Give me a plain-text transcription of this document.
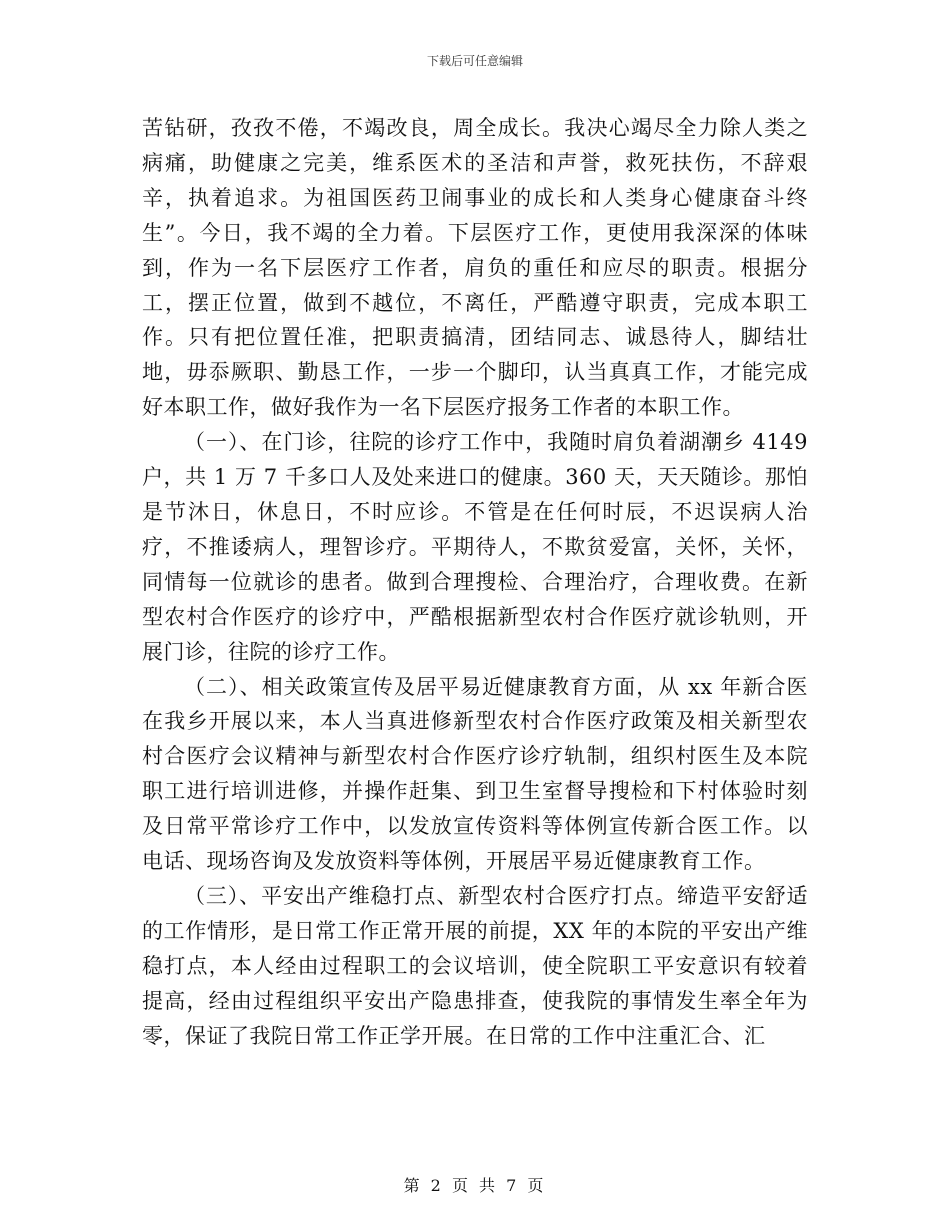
下载后可任意编辑

苦钻研，孜孜不倦，不竭改良，周全成长。我决心竭尽全力除人类之病痛，助健康之完美，维系医术的圣洁和声誉，救死扶伤，不辞艰辛，执着追求。为祖国医药卫闹事业的成长和人类身心健康奋斗终生”。今日，我不竭的全力着。下层医疗工作，更使用我深深的体味到，作为一名下层医疗工作者，肩负的重任和应尽的职责。根据分工，摆正位置，做到不越位，不离任，严酷遵守职责，完成本职工作。只有把位置任准，把职责搞清，团结同志、诚恳待人，脚结壮地，毋忝厥职、勤恳工作，一步一个脚印，认当真真工作，才能完成好本职工作，做好我作为一名下层医疗报务工作者的本职工作。

（一）、在门诊，往院的诊疗工作中，我随时肩负着湖潮乡 4149户，共 1 万 7 千多口人及处来进口的健康。360 天，天天随诊。那怕是节沐日，休息日，不时应诊。不管是在任何时辰，不迟误病人治疗，不推诿病人，理智诊疗。平期待人，不欺贫爱富，关怀，关怀，同情每一位就诊的患者。做到合理搜检、合理治疗，合理收费。在新型农村合作医疗的诊疗中，严酷根据新型农村合作医疗就诊轨则，开展门诊，往院的诊疗工作。

（二）、相关政策宣传及居平易近健康教育方面，从 xx 年新合医在我乡开展以来，本人当真进修新型农村合作医疗政策及相关新型农村合医疗会议精神与新型农村合作医疗诊疗轨制，组织村医生及本院职工进行培训进修，并操作赶集、到卫生室督导搜检和下村体验时刻及日常平常诊疗工作中，以发放宣传资料等体例宣传新合医工作。以电话、现场咨询及发放资料等体例，开展居平易近健康教育工作。

（三）、平安出产维稳打点、新型农村合医疗打点。缔造平安舒适的工作情形，是日常工作正常开展的前提，XX 年的本院的平安出产维稳打点，本人经由过程职工的会议培训，使全院职工平安意识有较着提高，经由过程组织平安出产隐患排查，使我院的事情发生率全年为零，保证了我院日常工作正学开展。在日常的工作中注重汇合、汇

第 2 页 共 7 页
